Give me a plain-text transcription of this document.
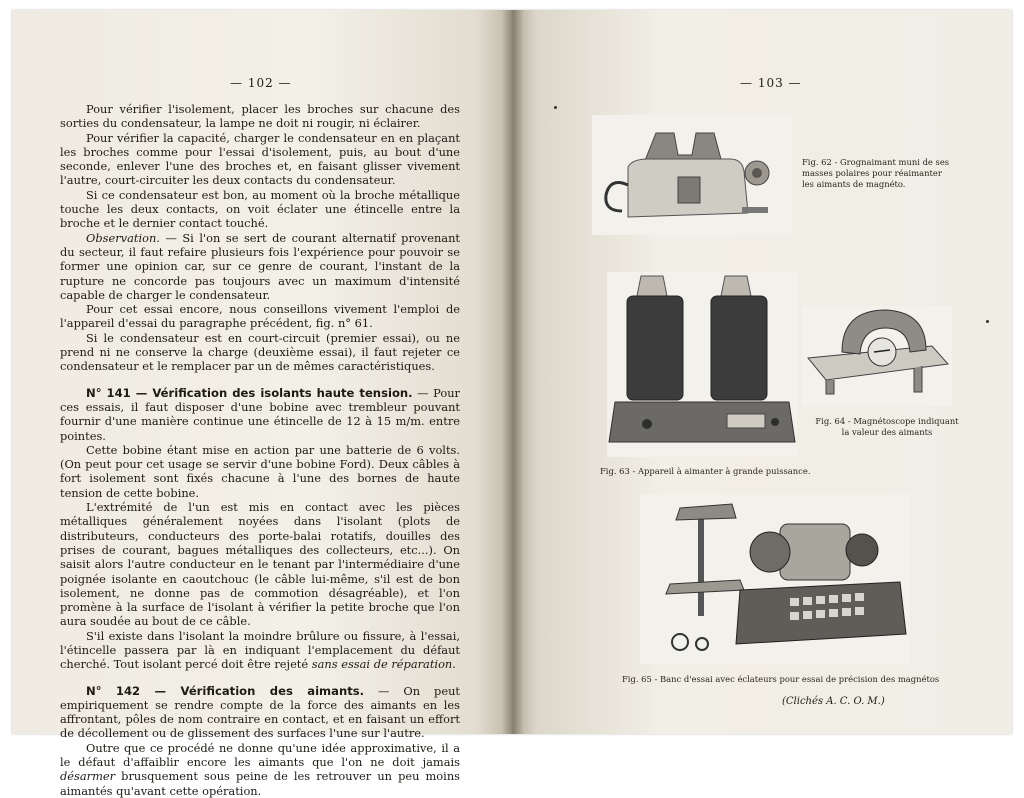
— 102 —

Pour vérifier l'isolement, placer les broches sur chacune des sorties du condensateur, la lampe ne doit ni rougir, ni éclairer.

Pour vérifier la capacité, charger le condensateur en en plaçant les broches comme pour l'essai d'isolement, puis, au bout d'une seconde, enlever l'une des broches et, en faisant glisser vivement l'autre, court-circuiter les deux contacts du condensateur.

Si ce condensateur est bon, au moment où la broche métallique touche les deux contacts, on voit éclater une étincelle entre la broche et le dernier contact touché.

Observation. — Si l'on se sert de courant alternatif provenant du secteur, il faut refaire plusieurs fois l'expérience pour pouvoir se former une opinion car, sur ce genre de courant, l'instant de la rupture ne concorde pas toujours avec un maximum d'intensité capable de charger le condensateur.

Pour cet essai encore, nous conseillons vivement l'emploi de l'appareil d'essai du paragraphe précédent, fig. n° 61.

Si le condensateur est en court-circuit (premier essai), ou ne prend ni ne conserve la charge (deuxième essai), il faut rejeter ce condensateur et le remplacer par un de mêmes caractéristiques.

N° 141 — Vérification des isolants haute tension. — Pour ces essais, il faut disposer d'une bobine avec trembleur pouvant fournir d'une manière continue une étincelle de 12 à 15 m/m. entre pointes.

Cette bobine étant mise en action par une batterie de 6 volts. (On peut pour cet usage se servir d'une bobine Ford). Deux câbles à fort isolement sont fixés chacune à l'une des bornes de haute tension de cette bobine.

L'extrémité de l'un est mis en contact avec les pièces métalliques généralement noyées dans l'isolant (plots de distributeurs, conducteurs des porte-balai rotatifs, douilles des prises de courant, bagues métalliques des collecteurs, etc...). On saisit alors l'autre conducteur en le tenant par l'intermédiaire d'une poignée isolante en caoutchouc (le câble lui-même, s'il est de bon isolement, ne donne pas de commotion désagréable), et l'on promène à la surface de l'isolant à vérifier la petite broche que l'on aura soudée au bout de ce câble.

S'il existe dans l'isolant la moindre brûlure ou fissure, à l'essai, l'étincelle passera par là en indiquant l'emplacement du défaut cherché. Tout isolant percé doit être rejeté sans essai de réparation.

N° 142 — Vérification des aimants. — On peut empiriquement se rendre compte de la force des aimants en les affrontant, pôles de nom contraire en contact, et en faisant un effort de décollement ou de glissement des surfaces l'une sur l'autre.

Outre que ce procédé ne donne qu'une idée approximative, il a le défaut d'affaiblir encore les aimants que l'on ne doit jamais désarmer brusquement sous peine de les retrouver un peu moins aimantés qu'avant cette opération.

— 103 —
Fig. 62 - Grognaimant muni de ses masses polaires pour réaimanter les aimants de magnéto.
Fig. 63 - Appareil à aimanter à grande puissance.
Fig. 64 - Magnétoscope indiquant la valeur des aimants
Fig. 65 - Banc d'essai avec éclateurs pour essai de précision des magnétos
(Clichés A. C. O. M.)
